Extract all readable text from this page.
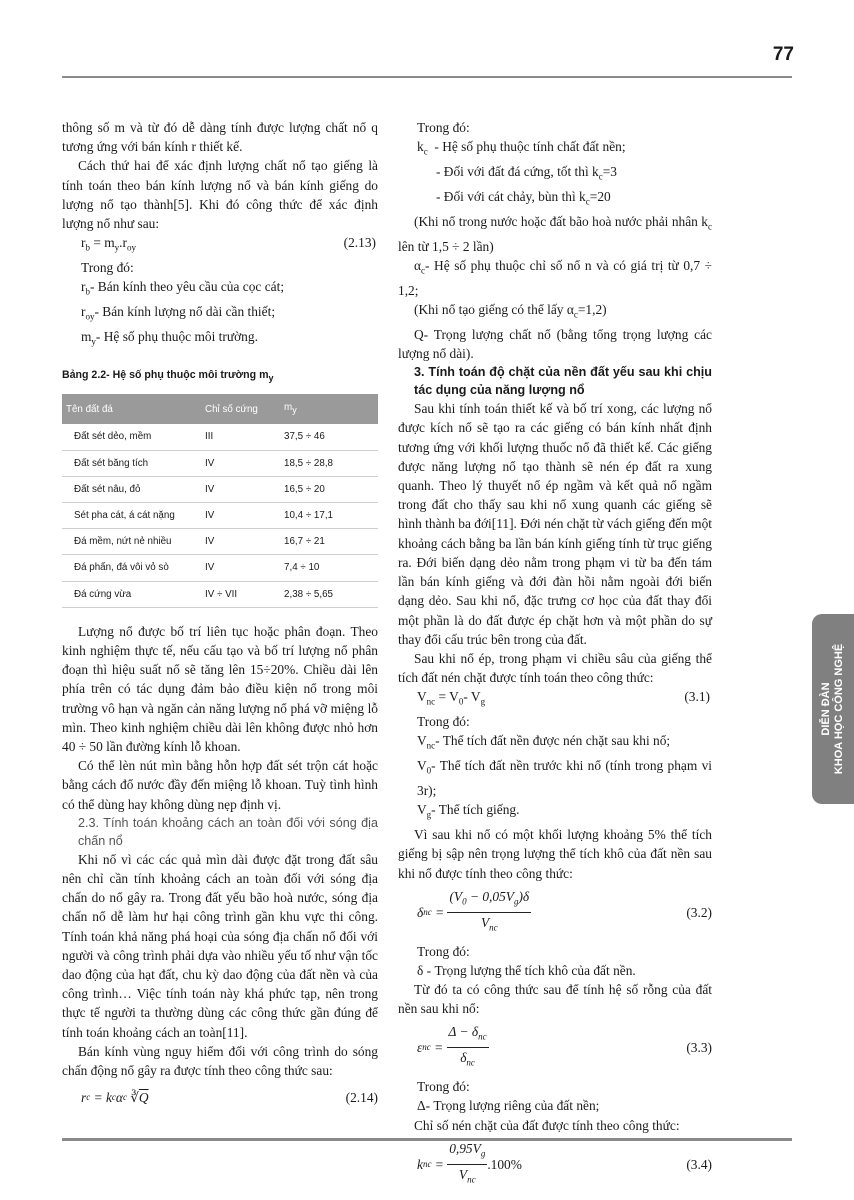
77

thông số m và từ đó dễ dàng tính được lượng chất nổ q tương ứng với bán kính r thiết kế.

Cách thứ hai để xác định lượng chất nổ tạo giếng là tính toán theo bán kính lượng nổ và bán kính giếng do lượng nổ tạo thành[5]. Khi đó công thức để xác định lượng nổ như sau:

$r_b = m_y.r_{oy}$	(2.13)

Trong đó:

$r_b-$ Bán kính theo yêu cầu của cọc cát;

$r_{oy}-$ Bán kính lượng nổ dài cần thiết;

$m_y-$ Hệ số phụ thuộc môi trường.

Bảng 2.2- Hệ số phụ thuộc môi trường $m_y$
Tên đất đá	Chỉ số cứng	$m_y$
Đất sét dẻo, mềm	III	37,5 ÷ 46
Đất sét băng tích	IV	18,5 ÷ 28,8
Đất sét nâu, đỏ	IV	16,5 ÷ 20
Sét pha cát, á cát nặng	IV	10,4 ÷ 17,1
Đá mềm, nứt nẻ nhiều	IV	16,7 ÷ 21
Đá phấn, đá vôi vỏ sò	IV	7,4 ÷ 10
Đá cứng vừa	IV ÷ VII	2,38 ÷ 5,65

Lượng nổ được bố trí liên tục hoặc phân đoạn. Theo kinh nghiệm thực tế, nếu cấu tạo và bố trí lượng nổ phân đoạn thì hiệu suất nổ sẽ tăng lên 15÷20%. Chiều dài lên phía trên có tác dụng đảm bảo điều kiện nổ trong môi trường vô hạn và ngăn cản năng lượng nổ phá vỡ miệng lỗ mìn. Theo kinh nghiệm chiều dài lên không được nhỏ hơn 40 ÷ 50 lần đường kính lỗ khoan.

Có thể lèn nút mìn bằng hỗn hợp đất sét trộn cát hoặc bằng cách đổ nước đầy đến miệng lỗ khoan. Tuỳ tình hình có thể dùng hay không dùng nẹp định vị.

2.3. Tính toán khoảng cách an toàn đối với sóng địa chấn nổ

Khi nổ vì các các quả mìn dài được đặt trong đất sâu nên chỉ cần tính khoảng cách an toàn đối với sóng địa chấn do nổ gây ra. Trong đất yếu bão hoà nước, sóng địa chấn nổ dễ làm hư hại công trình gần khu vực thi công. Tính toán khả năng phá hoại của sóng địa chấn nổ đối với người và công trình phải dựa vào nhiều yếu tố như vận tốc dao động của hạt đất, chu kỳ dao động của đất nền và của công trình… Việc tính toán này khá phức tạp, nên trong thực tế người ta thường dùng các công thức gần đúng để tính toán khoảng cách an toàn[11].

Bán kính vùng nguy hiểm đối với công trình do sóng chấn động nổ gây ra được tính theo công thức sau:

r c = k c α c
∛ $\overline{Q}$	(2.14)

Trong đó:

$k_c$ - Hệ số phụ thuộc tính chất đất nền;

- Đối với đất đá cứng, tốt thì $k_c=3$

- Đối với cát chảy, bùn thì $k_c=20$

(Khi nổ trong nước hoặc đất bão hoà nước phải nhân $k_c$ lên từ 1,5 ÷ 2 lần)

$\alpha_c-$ Hệ số phụ thuộc chỉ số nổ n và có giá trị từ 0,7 ÷ 1,2;

(Khi nổ tạo giếng có thể lấy $\alpha_c=1,2$)

Q- Trọng lượng chất nổ (bằng tổng trọng lượng các lượng nổ dài).

3. Tính toán độ chặt của nền đất yếu sau khi chịu tác dụng của năng lượng nổ

Sau khi tính toán thiết kế và bố trí xong, các lượng nổ được kích nổ sẽ tạo ra các giếng có bán kính nhất định tương ứng với khối lượng thuốc nổ đã thiết kế. Các giếng được năng lượng nổ tạo thành sẽ nén ép đất ra xung quanh. Theo lý thuyết nổ ép ngầm và kết quả nổ ngầm trong đất cho thấy sau khi nổ xung quanh các giếng sẽ hình thành ba đới[11]. Đới nén chặt từ vách giếng đến một khoảng cách bằng ba lần bán kính giếng tính từ trục giếng ra. Đới biến dạng dẻo nằm trong phạm vi từ ba đến tám lần bán kính giếng và đới đàn hồi nằm ngoài đới biến dạng dẻo. Sau khi nổ, đặc trưng cơ học của đất thay đổi một phần là do đất được ép chặt hơn và một phần do sự thay đổi cấu trúc bên trong của đất.

Sau khi nổ ép, trong phạm vi chiều sâu của giếng thể tích đất nén chặt được tính toán theo công thức:

$V_{nc} = V_0-$ $V_g$	(3.1)

Trong đó:

$V_{nc}-$ Thể tích đất nền được nén chặt sau khi nổ;

$V_0-$ Thể tích đất nền trước khi nổ (tính trong phạm vi 3r);

$V_g-$ Thể tích giếng.

Vì sau khi nổ có một khối lượng khoảng 5% thể tích giếng bị sập nên trọng lượng thể tích khô của đất nền sau khi nổ được tính theo công thức:

δ nc = $\frac{(V_0 - 0,05V_g)\delta}{V_{nc}}$	(3.2)

Trong đó:

δ - Trọng lượng thể tích khô của đất nền.

Từ đó ta có công thức sau để tính hệ số rỗng của đất nền sau khi nổ:

ε nc = $\frac{\Delta - \delta_{nc}}{\delta_{nc}}$	(3.3)

Trong đó:

Δ- Trọng lượng riêng của đất nền;

Chỉ số nén chặt của đất được tính theo công thức:

k nc = $\frac{0,95V_g}{V_{nc}} .100\%$	(3.4)
DIỄN ĐÀN KHOA HỌC CÔNG NGHỆ
